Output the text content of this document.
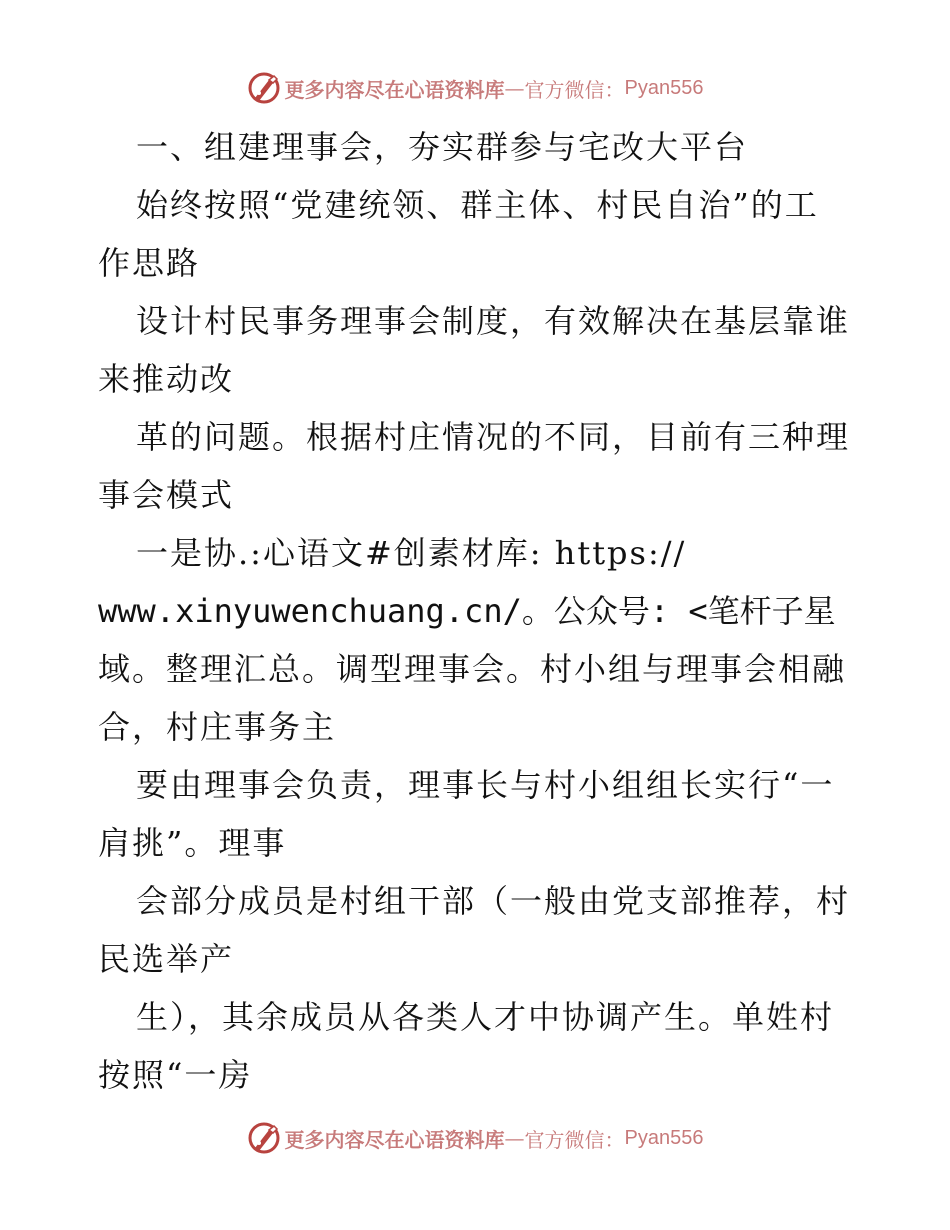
更多内容尽在心语资料库 — 官方微信： Pyan556
一、组建理事会，夯实群参与宅改大平台
始终按照“党建统领、群主体、村民自治”的工
作思路
设计村民事务理事会制度，有效解决在基层靠谁
来推动改
革的问题。根据村庄情况的不同，目前有三种理
事会模式
一是协.:心语文#创素材库: https://
www.xinyuwenchuang.cn/。公众号: <笔杆子星
域。整理汇总。调型理事会。村小组与理事会相融
合，村庄事务主
要由理事会负责，理事长与村小组组长实行“一
肩挑”。理事
会部分成员是村组干部（一般由党支部推荐，村
民选举产
生），其余成员从各类人才中协调产生。单姓村
按照“一房
更多内容尽在心语资料库 — 官方微信： Pyan556
